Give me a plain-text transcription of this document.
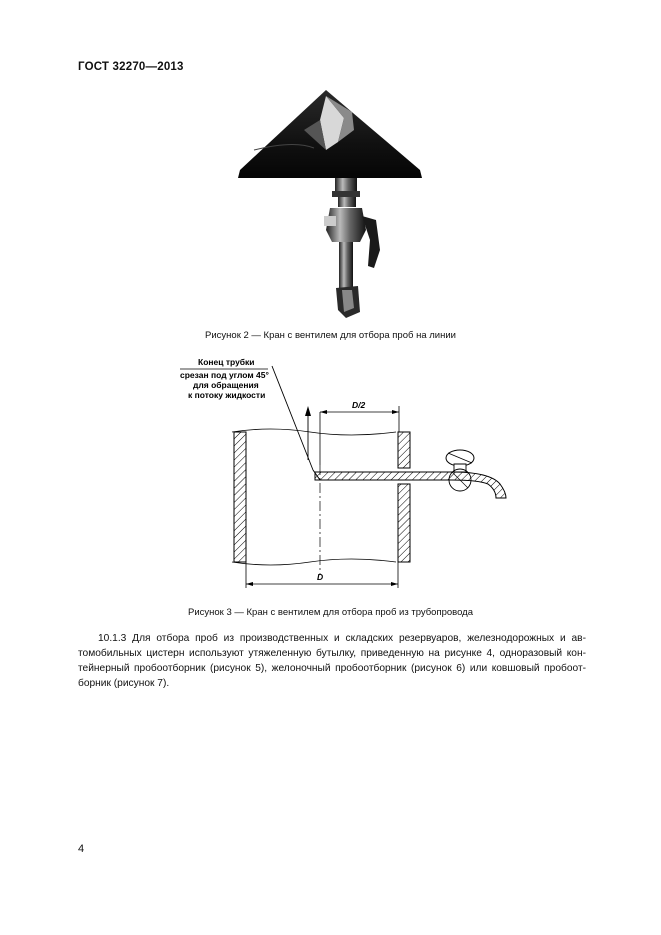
ГОСТ 32270—2013
Рисунок 2 — Кран с вентилем для отбора проб на линии
Конец трубки
срезан под углом 45°
для обращения
к потоку жидкости
D/2
D
Рисунок 3 — Кран с вентилем для отбора проб из трубопровода

10.1.3 Для отбора проб из производственных и складских резервуаров, железнодорожных и ав-
томобильных цистерн используют утяжеленную бутылку, приведенную на рисунке 4, одноразовый кон-
тейнерный пробоотборник (рисунок 5), желоночный пробоотборник (рисунок 6) или ковшовый пробоот-
борник (рисунок 7).

4
